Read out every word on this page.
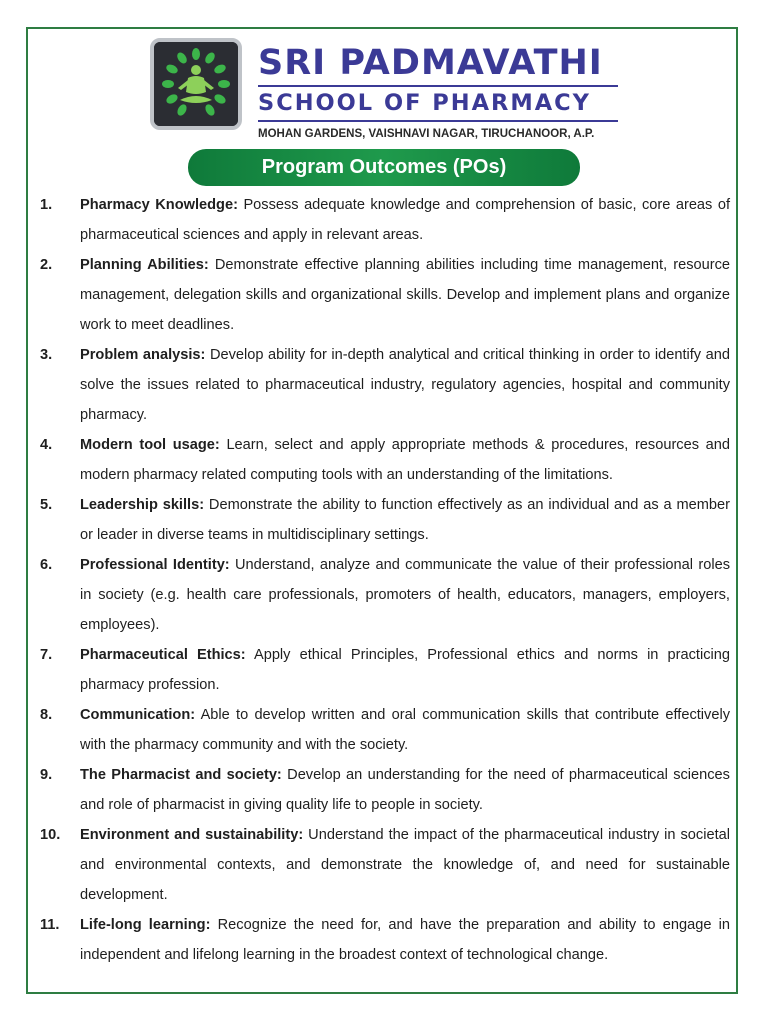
SRI PADMAVATHI
SCHOOL OF PHARMACY
MOHAN GARDENS, VAISHNAVI NAGAR, TIRUCHANOOR, A.P.
Program Outcomes (POs)
1.	Pharmacy Knowledge: Possess adequate knowledge and comprehension of basic, core areas of pharmaceutical sciences and apply in relevant areas.
2.	Planning Abilities: Demonstrate effective planning abilities including time management, resource management, delegation skills and organizational skills. Develop and implement plans and organize work to meet deadlines.
3.	Problem analysis: Develop ability for in-depth analytical and critical thinking in order to identify and solve the issues related to pharmaceutical industry, regulatory agencies, hospital and community pharmacy.
4.	Modern tool usage: Learn, select and apply appropriate methods & procedures, resources and modern pharmacy related computing tools with an understanding of the limitations.
5.	Leadership skills: Demonstrate the ability to function effectively as an individual and as a member or leader in diverse teams in multidisciplinary settings.
6.	Professional Identity: Understand, analyze and communicate the value of their professional roles in society (e.g. health care professionals, promoters of health, educators, managers, employers, employees).
7.	Pharmaceutical Ethics: Apply ethical Principles, Professional ethics and norms in practicing pharmacy profession.
8.	Communication: Able to develop written and oral communication skills that contribute effectively with the pharmacy community and with the society.
9.	The Pharmacist and society: Develop an understanding for the need of pharmaceutical sciences and role of pharmacist in giving quality life to people in society.
10.	Environment and sustainability: Understand the impact of the pharmaceutical industry in societal and environmental contexts, and demonstrate the knowledge of, and need for sustainable development.
11.	Life-long learning: Recognize the need for, and have the preparation and ability to engage in independent and lifelong learning in the broadest context of technological change.
